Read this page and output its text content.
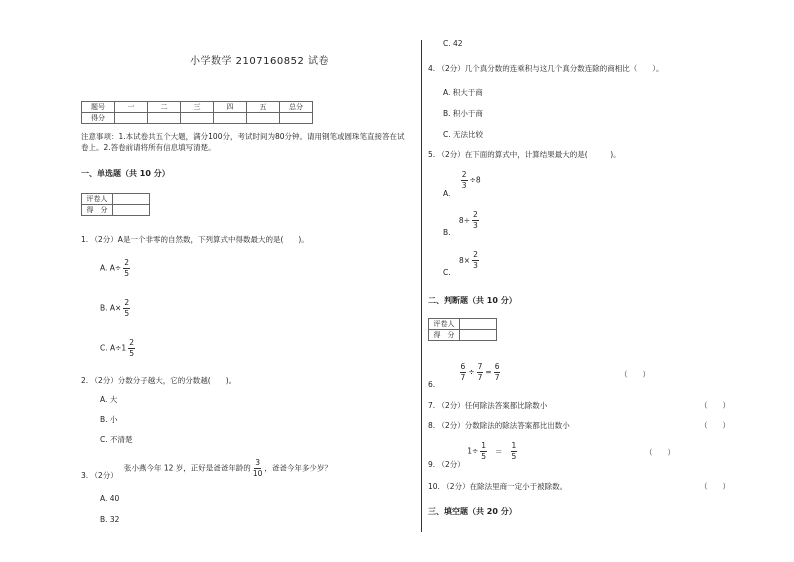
小学数学 2107160852 试卷
题号	一	二	三	四	五	总分
得分						
注意事项：1.本试卷共五个大题，满分100分，考试时间为80分钟。请用钢笔或圆珠笔直接答在试卷上。2.答卷前请将所有信息填写清楚。
一、单选题（共 10 分）
评卷人	
得　分	
1. （2分）A是一个非零的自然数，下列算式中得数最大的是(　　)。
A. $A\div \frac{2}{5}$
B. $A\times \frac{2}{5}$
C. $A\div 1 \frac{2}{5}$
2. （2分）分数分子越大，它的分数越(　　)。
A. 大
B. 小
C. 不清楚
3. （2分）
张小燕今年 12 岁，正好是爸爸年龄的 $\frac{3}{10}$ ，爸爸今年多少岁？
A. 40
B. 32
C. 42
4. （2分）几个真分数的连乘积与这几个真分数连除的商相比（　　）。
A. 积大于商
B. 积小于商
C. 无法比较
5. （2分）在下面的算式中，计算结果最大的是(　　　)。
A.
$\frac{2}{3} \div 8$
B. $8\div \frac{2}{3}$
C. $8\times \frac{2}{3}$
二、判断题（共 10 分）
评卷人	
得　分	
6.
$\frac{6}{7} \div \frac{7}{7} = \frac{6}{7}$	（　　）
7. （2分）任何除法答案都比除数小	（　　）
8. （2分）分数除法的除法答案都比出数小	（　　）
9. （2分） $1\div \frac{1}{5} = \frac{1}{5}$	（　　）
10. （2分）在除法里商一定小于被除数。	（　　）
三、填空题（共 20 分）
